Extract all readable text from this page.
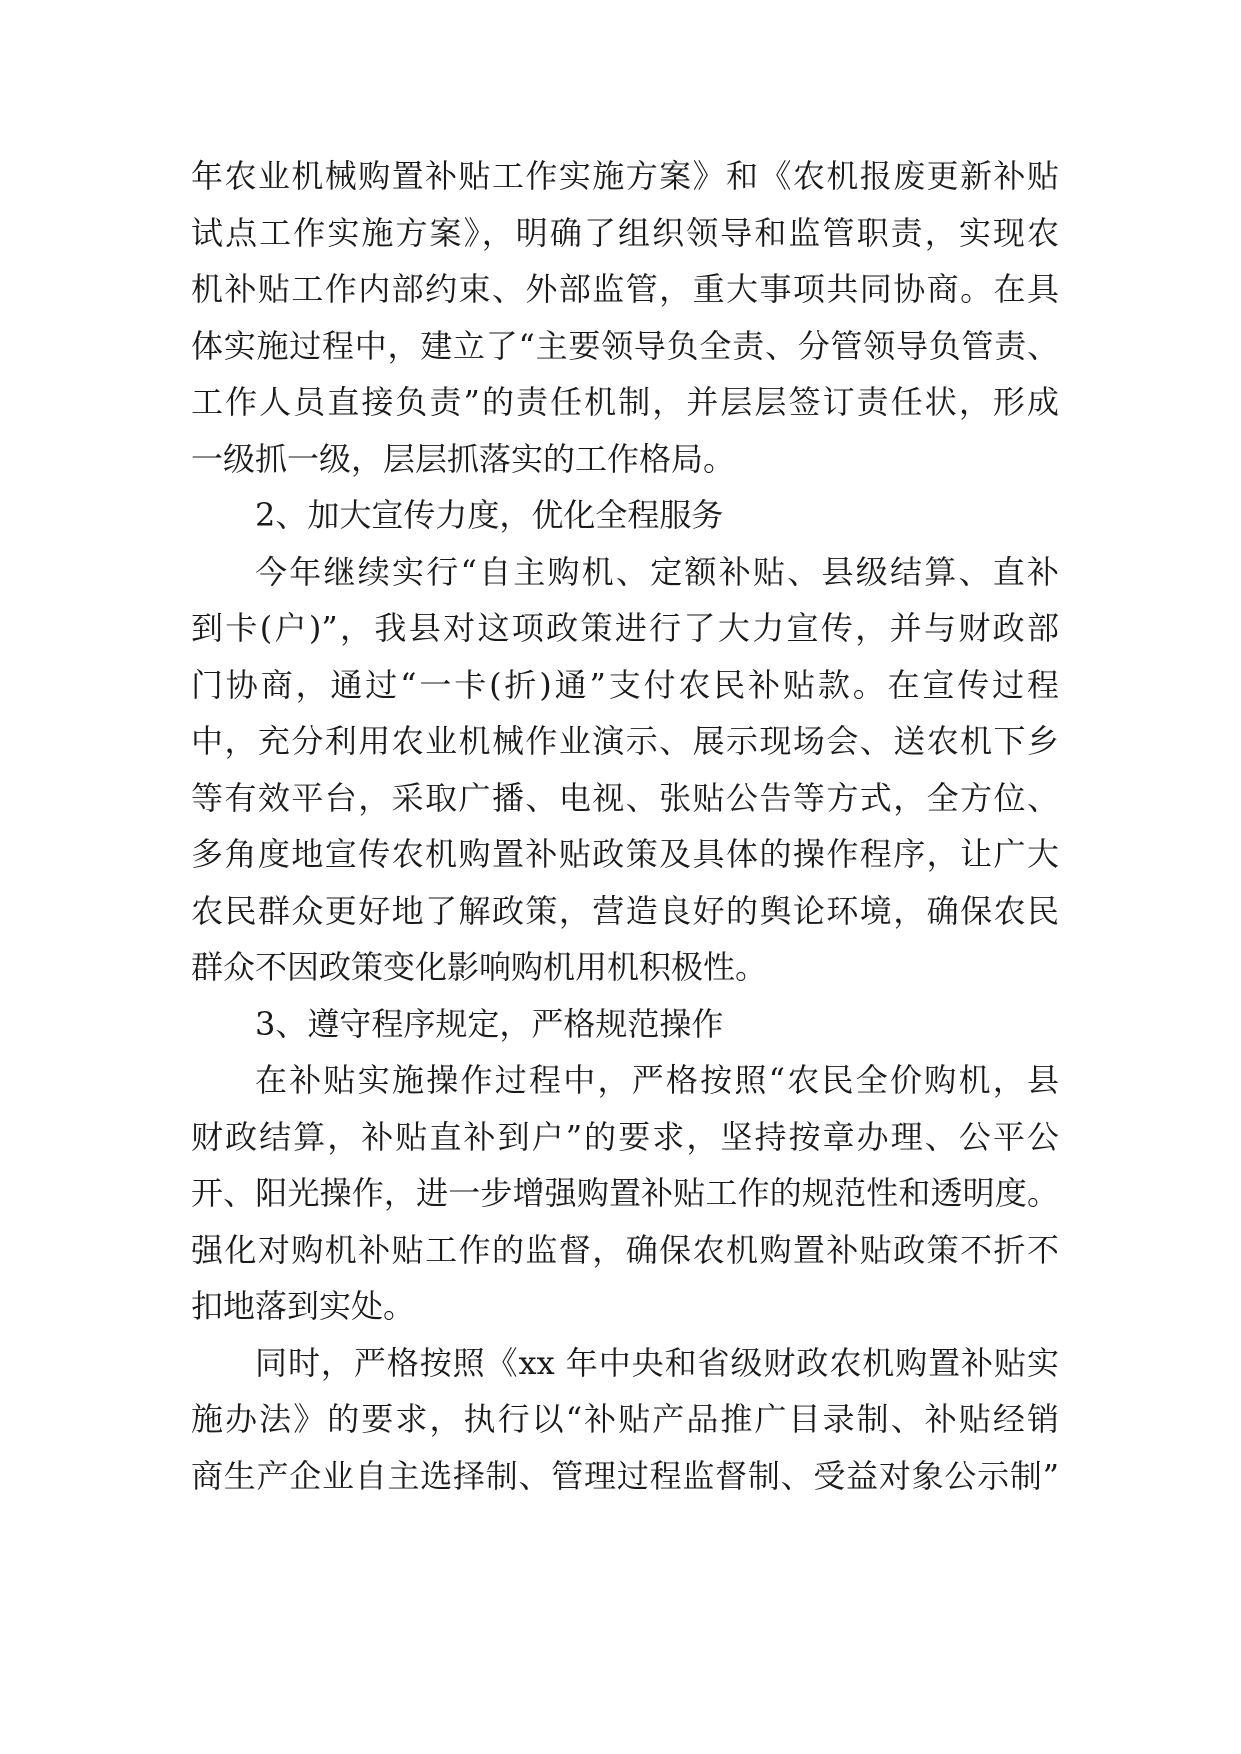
年农业机械购置补贴工作实施方案》和《农机报废更新补贴
试点工作实施方案》，明确了组织领导和监管职责，实现农
机补贴工作内部约束、外部监管，重大事项共同协商。在具
体实施过程中，建立了“主要领导负全责、分管领导负管责、
工作人员直接负责”的责任机制，并层层签订责任状，形成
一级抓一级，层层抓落实的工作格局。
2、加大宣传力度，优化全程服务
今年继续实行“自主购机、定额补贴、县级结算、直补
到卡(户)”，我县对这项政策进行了大力宣传，并与财政部
门协商，通过“一卡(折)通”支付农民补贴款。在宣传过程
中，充分利用农业机械作业演示、展示现场会、送农机下乡
等有效平台，采取广播、电视、张贴公告等方式，全方位、
多角度地宣传农机购置补贴政策及具体的操作程序，让广大
农民群众更好地了解政策，营造良好的舆论环境，确保农民
群众不因政策变化影响购机用机积极性。
3、遵守程序规定，严格规范操作
在补贴实施操作过程中，严格按照“农民全价购机，县
财政结算，补贴直补到户”的要求，坚持按章办理、公平公
开、阳光操作，进一步增强购置补贴工作的规范性和透明度。
强化对购机补贴工作的监督，确保农机购置补贴政策不折不
扣地落到实处。
同时，严格按照《xx 年中央和省级财政农机购置补贴实
施办法》的要求，执行以“补贴产品推广目录制、补贴经销
商生产企业自主选择制、管理过程监督制、受益对象公示制”
